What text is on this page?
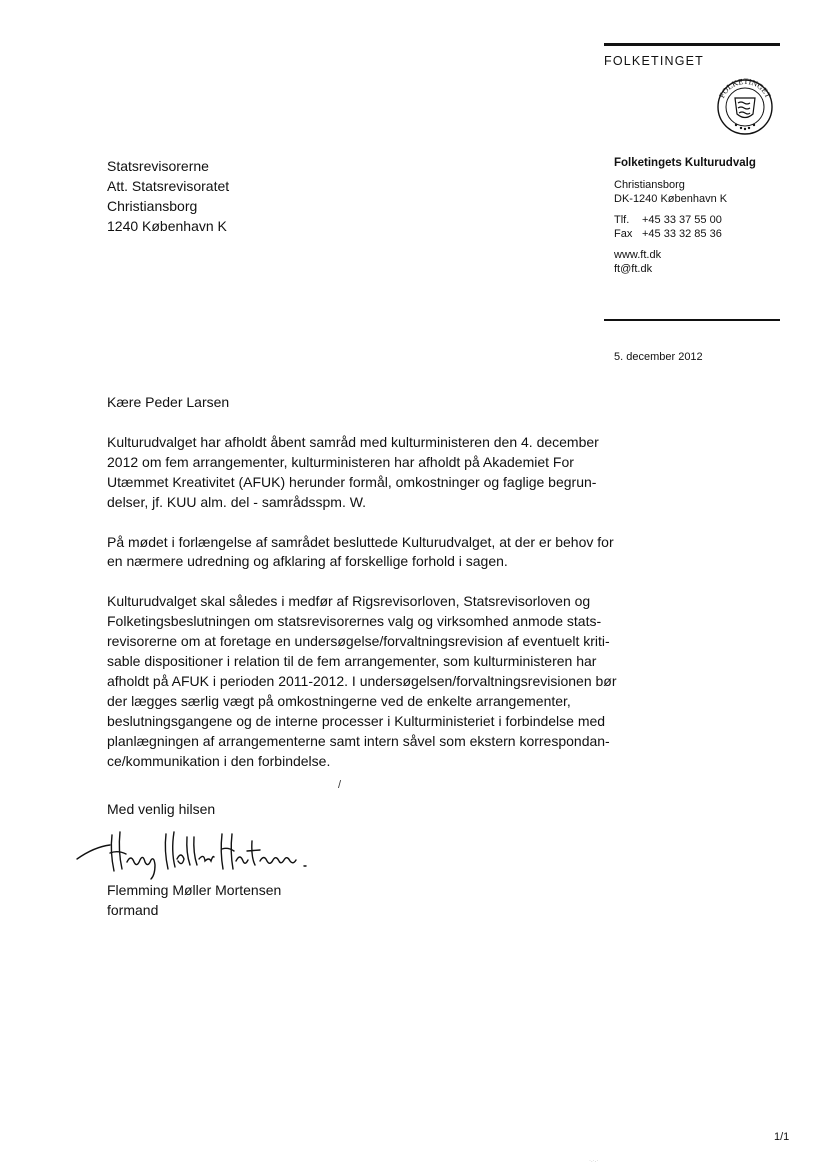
FOLKETINGET
FOLKETINGET
Statsrevisorerne
Att. Statsrevisoratet
Christiansborg
1240 København K
Folketingets Kulturudvalg
Christiansborg
DK-1240 København K
Tlf. +45 33 37 55 00
Fax +45 33 32 85 36
www.ft.dk
ft@ft.dk
5. december 2012

Kære Peder Larsen

Kulturudvalget har afholdt åbent samråd med kulturministeren den 4. december 2012 om fem arrangementer, kulturministeren har afholdt på Akademiet For Utæmmet Kreativitet (AFUK) herunder formål, omkostninger og faglige begrun-delser, jf. KUU alm. del - samrådsspm. W.

På mødet i forlængelse af samrådet besluttede Kulturudvalget, at der er behov for en nærmere udredning og afklaring af forskellige forhold i sagen.

Kulturudvalget skal således i medfør af Rigsrevisorloven, Statsrevisorloven og Folketingsbeslutningen om statsrevisorernes valg og virksomhed anmode stats-revisorerne om at foretage en undersøgelse/forvaltningsrevision af eventuelt kriti-sable dispositioner i relation til de fem arrangementer, som kulturministeren har afholdt på AFUK i perioden 2011-2012. I undersøgelsen/forvaltningsrevisionen bør der lægges særlig vægt på omkostningerne ved de enkelte arrangementer, beslutningsgangene og de interne processer i Kulturministeriet i forbindelse med planlægningen af arrangementerne samt intern såvel som ekstern korrespondan-ce/kommunikation i den forbindelse.

/
Med venlig hilsen
Flemming Møller Mortensen
formand
1/1
·.·.·
